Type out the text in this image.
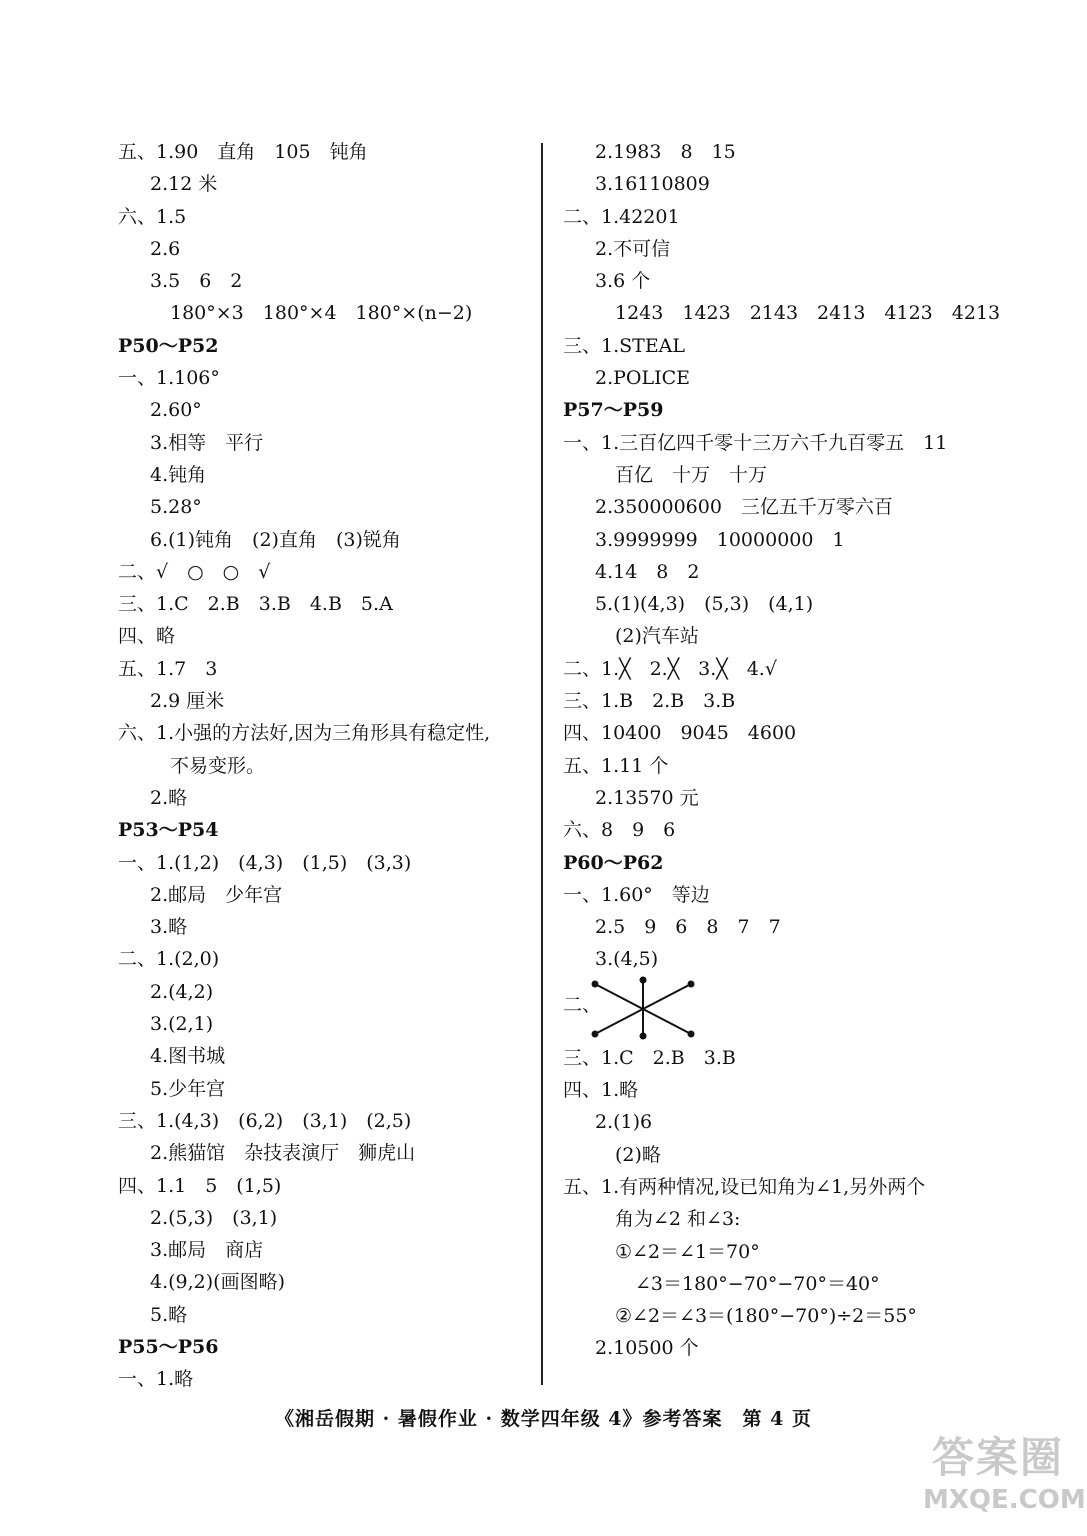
五、1.90　直角　105　钝角
2.12 米
六、1.5
2.6
3.5　6　2
180°×3　180°×4　180°×(n−2)
P50～P52
一、1.106°
2.60°
3.相等　平行
4.钝角
5.28°
6.(1)钝角　(2)直角　(3)锐角
二、√　○　○　√
三、1.C　2.B　3.B　4.B　5.A
四、略
五、1.7　3
2.9 厘米
六、1.小强的方法好,因为三角形具有稳定性,
不易变形。
2.略
P53～P54
一、1.(1,2)　(4,3)　(1,5)　(3,3)
2.邮局　少年宫
3.略
二、1.(2,0)
2.(4,2)
3.(2,1)
4.图书城
5.少年宫
三、1.(4,3)　(6,2)　(3,1)　(2,5)
2.熊猫馆　杂技表演厅　狮虎山
四、1.1　5　(1,5)
2.(5,3)　(3,1)
3.邮局　商店
4.(9,2)(画图略)
5.略
P55～P56
一、1.略
2.1983　8　15
3.16110809
二、1.42201
2.不可信
3.6 个
1243　1423　2143　2413　4123　4213
三、1.STEAL
2.POLICE
P57～P59
一、1.三百亿四千零十三万六千九百零五　11
百亿　十万　十万
2.350000600　三亿五千万零六百
3.9999999　10000000　1
4.14　8　2
5.(1)(4,3)　(5,3)　(4,1)
(2)汽车站
二、1.╳　2.╳　3.╳　4.√
三、1.B　2.B　3.B
四、10400　9045　4600
五、1.11 个
2.13570 元
六、8　9　6
P60～P62
一、1.60°　等边
2.5　9　6　8　7　7
3.(4,5)
二、
三、1.C　2.B　3.B
四、1.略
2.(1)6
(2)略
五、1.有两种情况,设已知角为∠1,另外两个
角为∠2 和∠3:
①∠2＝∠1＝70°
∠3＝180°−70°−70°＝40°
②∠2＝∠3＝(180°−70°)÷2＝55°
2.10500 个
《湘岳假期 · 暑假作业 · 数学四年级 4》参考答案　第 4 页
答案圈
MXQE.COM
